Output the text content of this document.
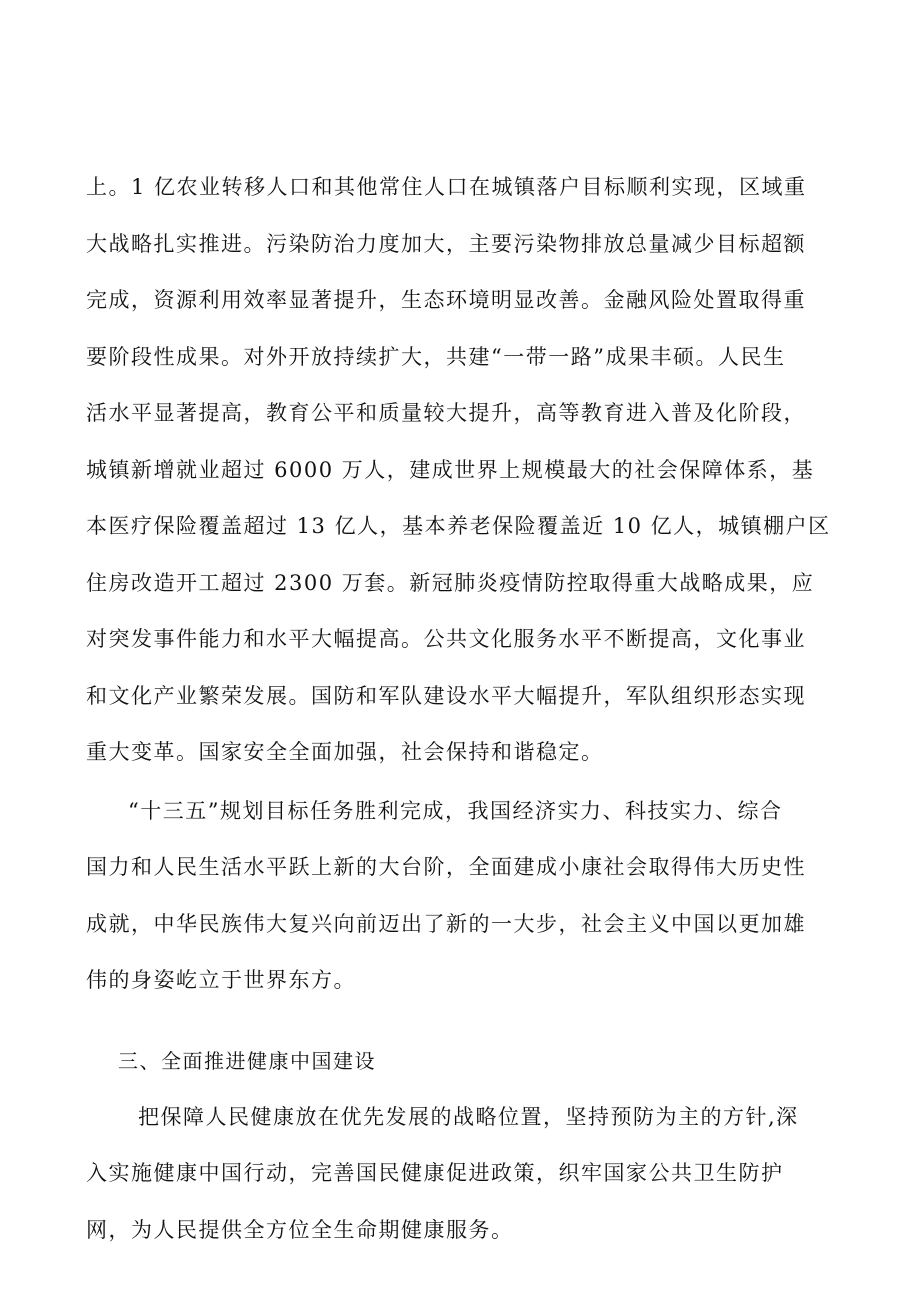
上。1 亿农业转移人口和其他常住人口在城镇落户目标顺利实现，区域重
大战略扎实推进。污染防治力度加大，主要污染物排放总量减少目标超额
完成，资源利用效率显著提升，生态环境明显改善。金融风险处置取得重
要阶段性成果。对外开放持续扩大，共建“一带一路”成果丰硕。人民生
活水平显著提高，教育公平和质量较大提升，高等教育进入普及化阶段，
城镇新增就业超过 6000 万人，建成世界上规模最大的社会保障体系，基
本医疗保险覆盖超过 13 亿人，基本养老保险覆盖近 10 亿人，城镇棚户区
住房改造开工超过 2300 万套。新冠肺炎疫情防控取得重大战略成果，应
对突发事件能力和水平大幅提高。公共文化服务水平不断提高，文化事业
和文化产业繁荣发展。国防和军队建设水平大幅提升，军队组织形态实现
重大变革。国家安全全面加强，社会保持和谐稳定。
“十三五”规划目标任务胜利完成，我国经济实力、科技实力、综合
国力和人民生活水平跃上新的大台阶，全面建成小康社会取得伟大历史性
成就，中华民族伟大复兴向前迈出了新的一大步，社会主义中国以更加雄
伟的身姿屹立于世界东方。
三、全面推进健康中国建设
把保障人民健康放在优先发展的战略位置，坚持预防为主的方针,深
入实施健康中国行动，完善国民健康促进政策，织牢国家公共卫生防护
网，为人民提供全方位全生命期健康服务。
